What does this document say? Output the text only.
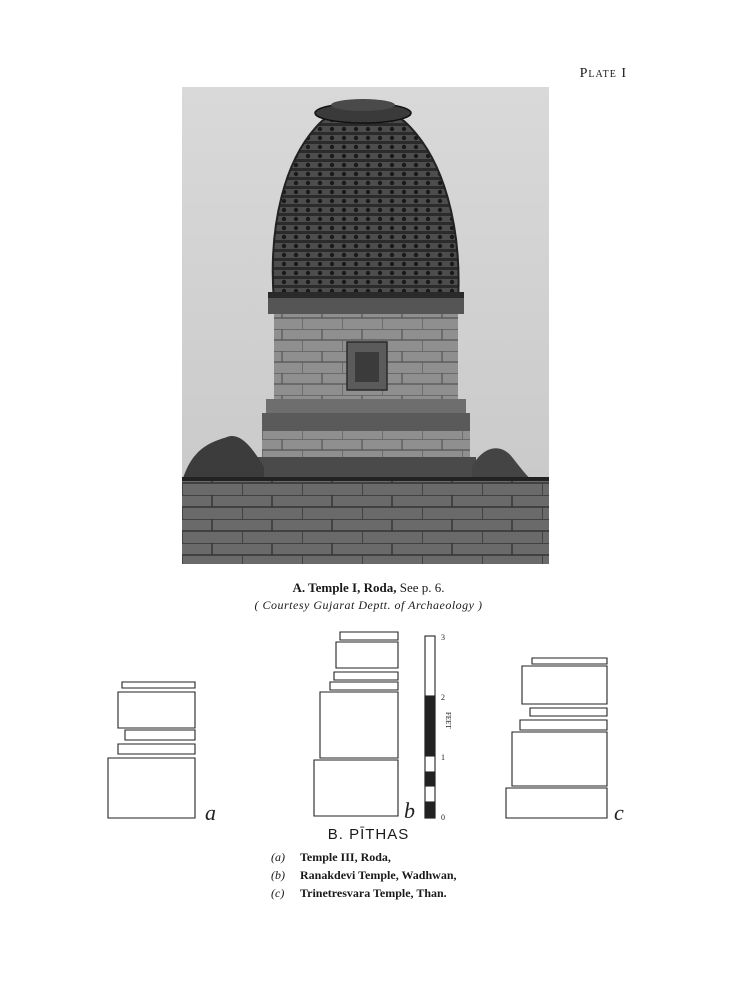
Plate I
A. Temple I, Roda, See p. 6.
( Courtesy Gujarat Deptt. of Archaeology )
a	b
3
2
1
0
FEET
c
B. PĪTHAS
(a) Temple III, Roda,
(b) Ranakdevi Temple, Wadhwan,
(c) Trinetresvara Temple, Than.
